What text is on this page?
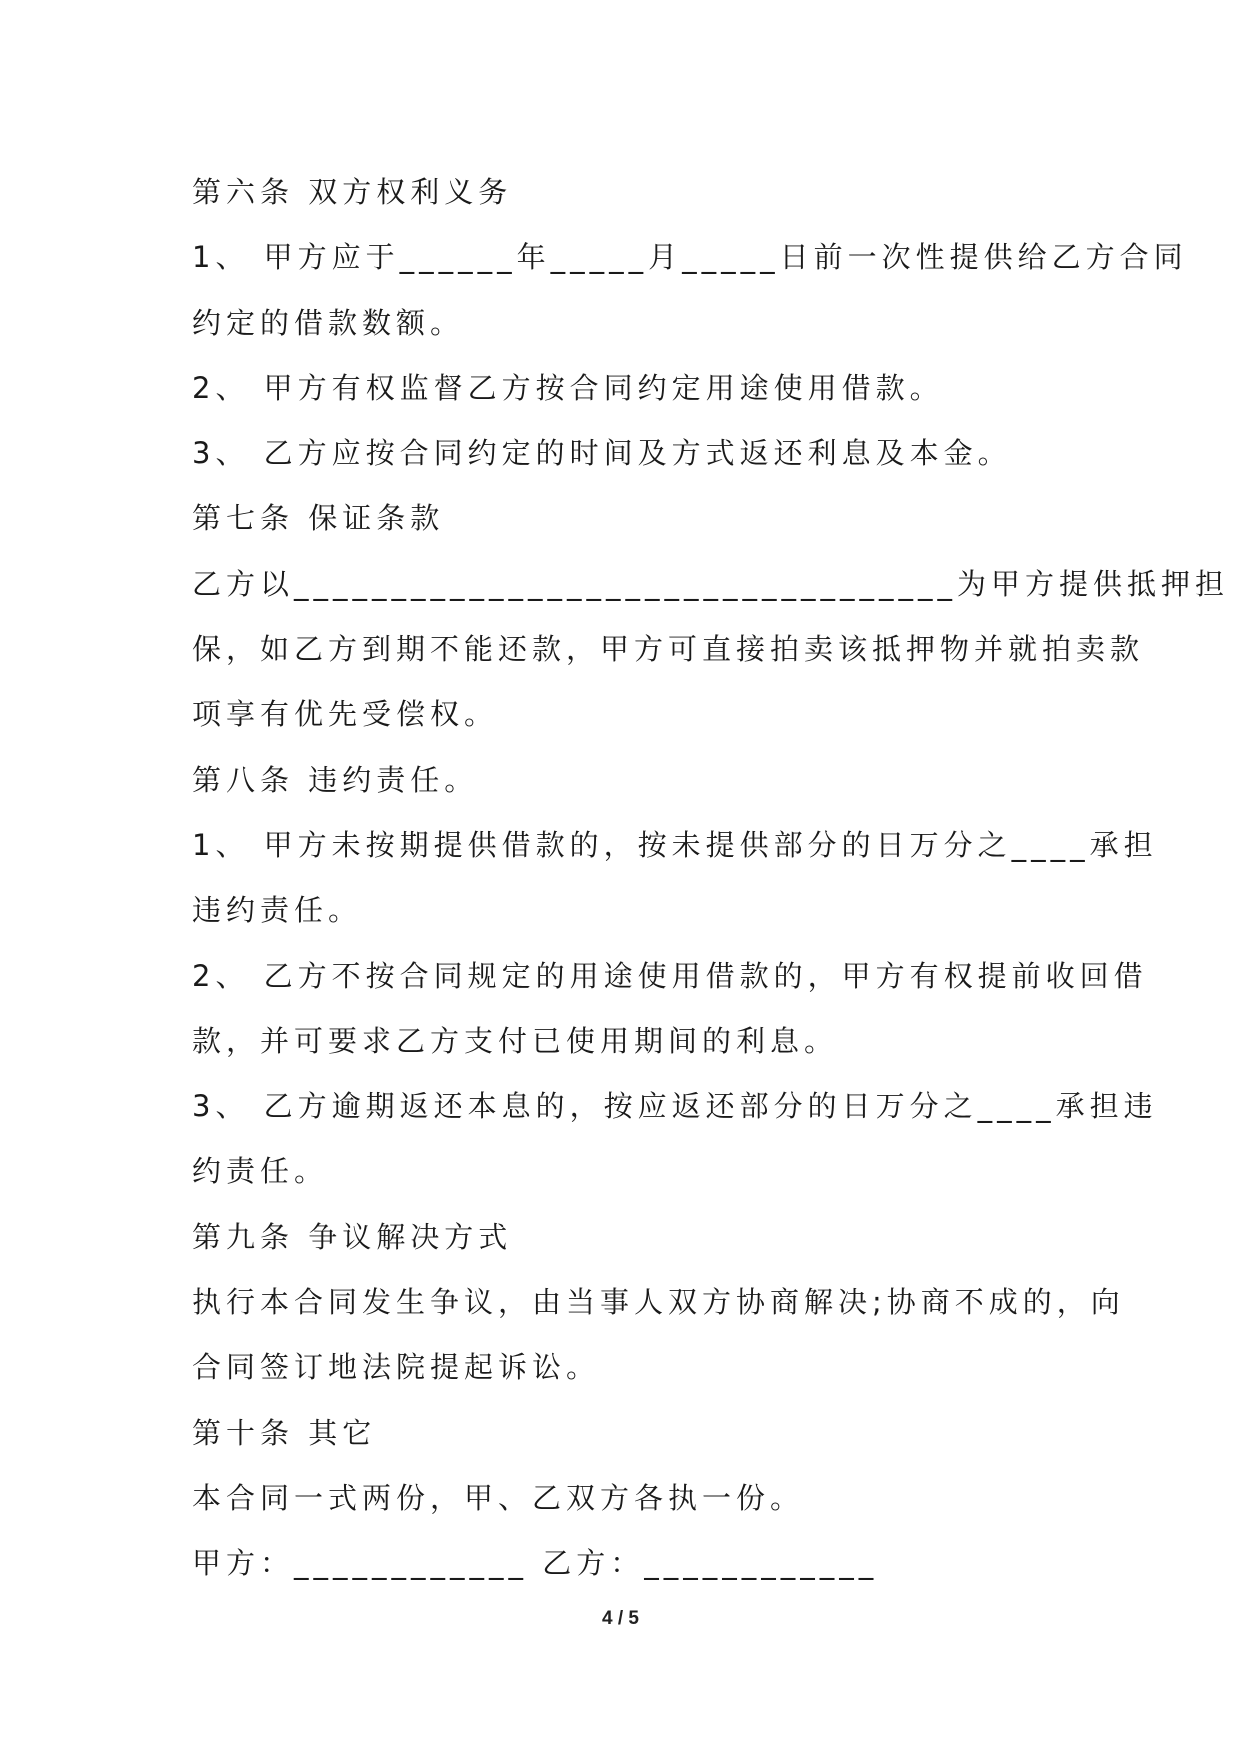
第六条 双方权利义务
1、 甲方应于______年_____月_____日前一次性提供给乙方合同
约定的借款数额。
2、 甲方有权监督乙方按合同约定用途使用借款。
3、 乙方应按合同约定的时间及方式返还利息及本金。
第七条 保证条款
乙方以__________________________________为甲方提供抵押担
保，如乙方到期不能还款，甲方可直接拍卖该抵押物并就拍卖款
项享有优先受偿权。
第八条 违约责任。
1、 甲方未按期提供借款的，按未提供部分的日万分之____承担
违约责任。
2、 乙方不按合同规定的用途使用借款的，甲方有权提前收回借
款，并可要求乙方支付已使用期间的利息。
3、 乙方逾期返还本息的，按应返还部分的日万分之____承担违
约责任。
第九条 争议解决方式
执行本合同发生争议，由当事人双方协商解决;协商不成的，向
合同签订地法院提起诉讼。
第十条 其它
本合同一式两份，甲、乙双方各执一份。
甲方：____________ 乙方：____________
4 / 5
